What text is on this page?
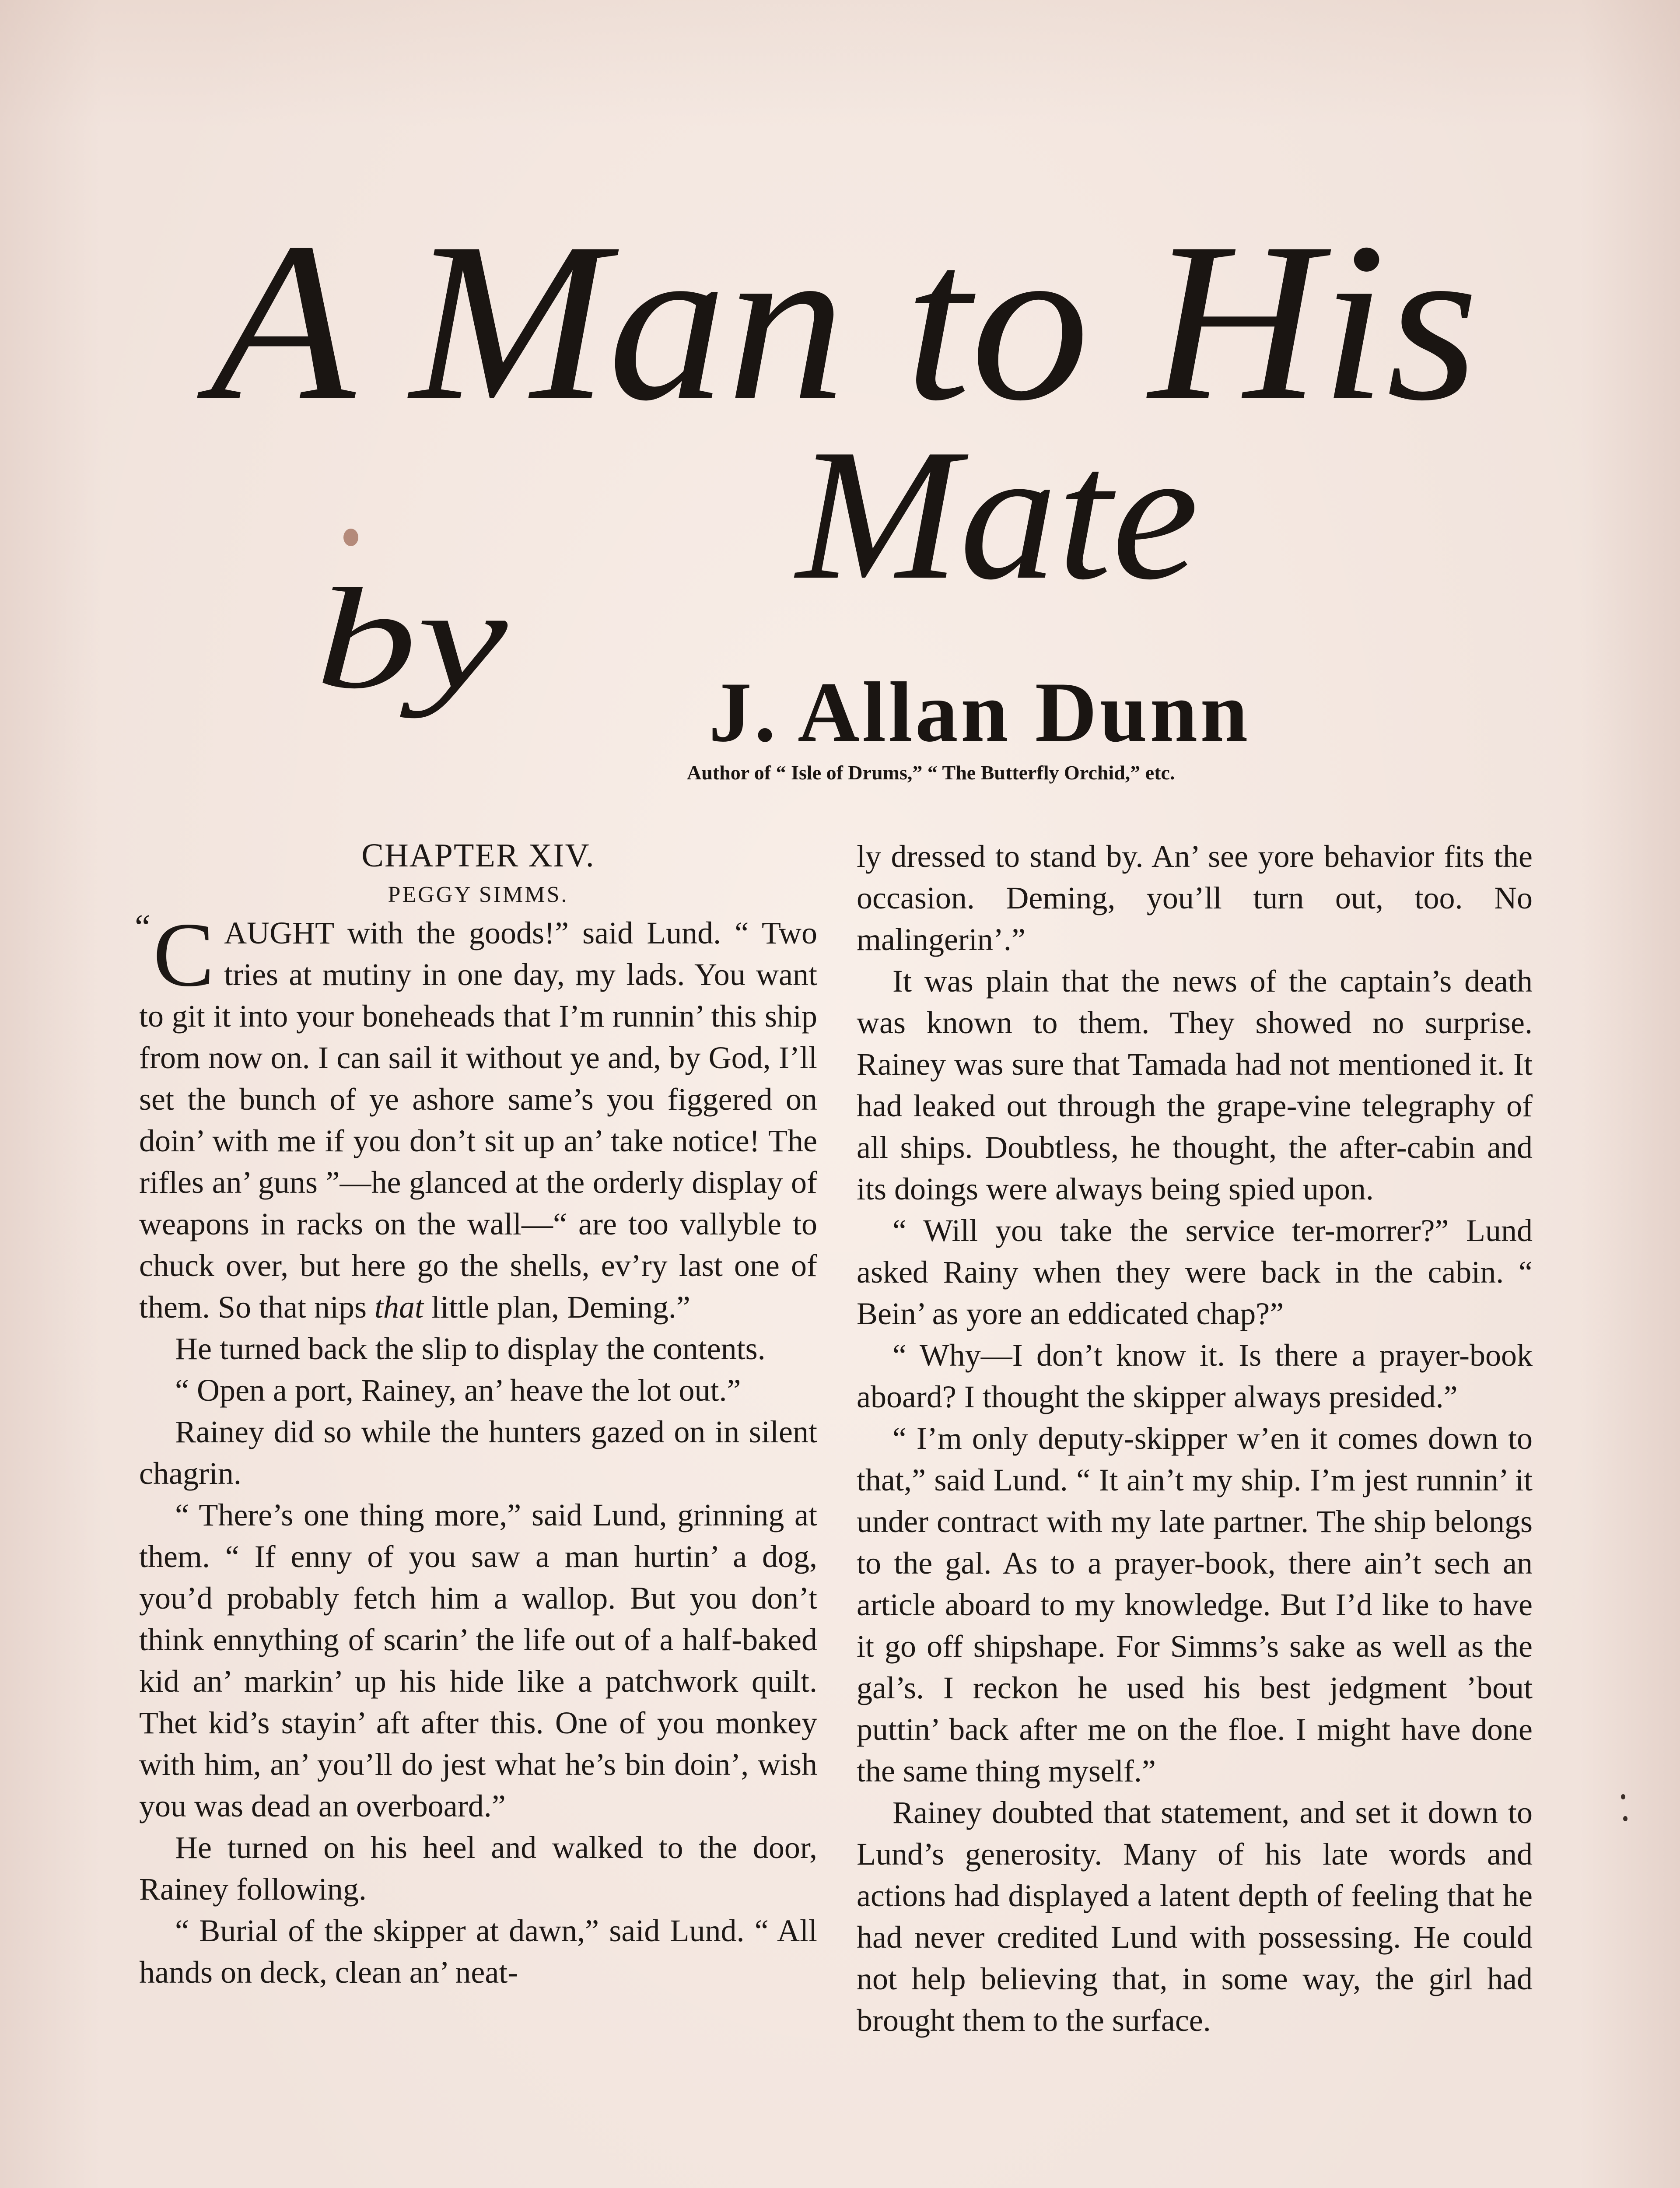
A Man to His
Mate
by J. Allan Dunn
Author of “ Isle of Drums,” “ The Butterfly Orchid,” etc.

CHAPTER XIV.

PEGGY SIMMS.

“ C AUGHT with the goods!” said Lund. “ Two tries at mutiny in one day, my lads. You want to git it into your boneheads that I’m runnin’ this ship from now on. I can sail it without ye and, by God, I’ll set the bunch of ye ashore same’s you figgered on doin’ with me if you don’t sit up an’ take notice! The rifles an’ guns ”—he glanced at the orderly display of weapons in racks on the wall—“ are too vallyble to chuck over, but here go the shells, ev’ry last one of them. So that nips that little plan, Deming.”

He turned back the slip to display the contents.

“ Open a port, Rainey, an’ heave the lot out.”

Rainey did so while the hunters gazed on in silent chagrin.

“ There’s one thing more,” said Lund, grinning at them. “ If enny of you saw a man hurtin’ a dog, you’d probably fetch him a wallop. But you don’t think ennything of scarin’ the life out of a half-baked kid an’ markin’ up his hide like a patchwork quilt. Thet kid’s stayin’ aft after this. One of you monkey with him, an’ you’ll do jest what he’s bin doin’, wish you was dead an overboard.”

He turned on his heel and walked to the door, Rainey following.

“ Burial of the skipper at dawn,” said Lund. “ All hands on deck, clean an’ neat-

ly dressed to stand by. An’ see yore behavior fits the occasion. Deming, you’ll turn out, too. No malingerin’.”

It was plain that the news of the captain’s death was known to them. They showed no surprise. Rainey was sure that Tamada had not mentioned it. It had leaked out through the grape-vine telegraphy of all ships. Doubtless, he thought, the after-cabin and its doings were always being spied upon.

“ Will you take the service ter-morrer?” Lund asked Rainy when they were back in the cabin. “ Bein’ as yore an eddicated chap?”

“ Why—I don’t know it. Is there a prayer-book aboard? I thought the skipper always presided.”

“ I’m only deputy-skipper w’en it comes down to that,” said Lund. “ It ain’t my ship. I’m jest runnin’ it under contract with my late partner. The ship belongs to the gal. As to a prayer-book, there ain’t sech an article aboard to my knowledge. But I’d like to have it go off shipshape. For Simms’s sake as well as the gal’s. I reckon he used his best jedgment ’bout puttin’ back after me on the floe. I might have done the same thing myself.”

Rainey doubted that statement, and set it down to Lund’s generosity. Many of his late words and actions had displayed a latent depth of feeling that he had never credited Lund with possessing. He could not help believing that, in some way, the girl had brought them to the surface.
